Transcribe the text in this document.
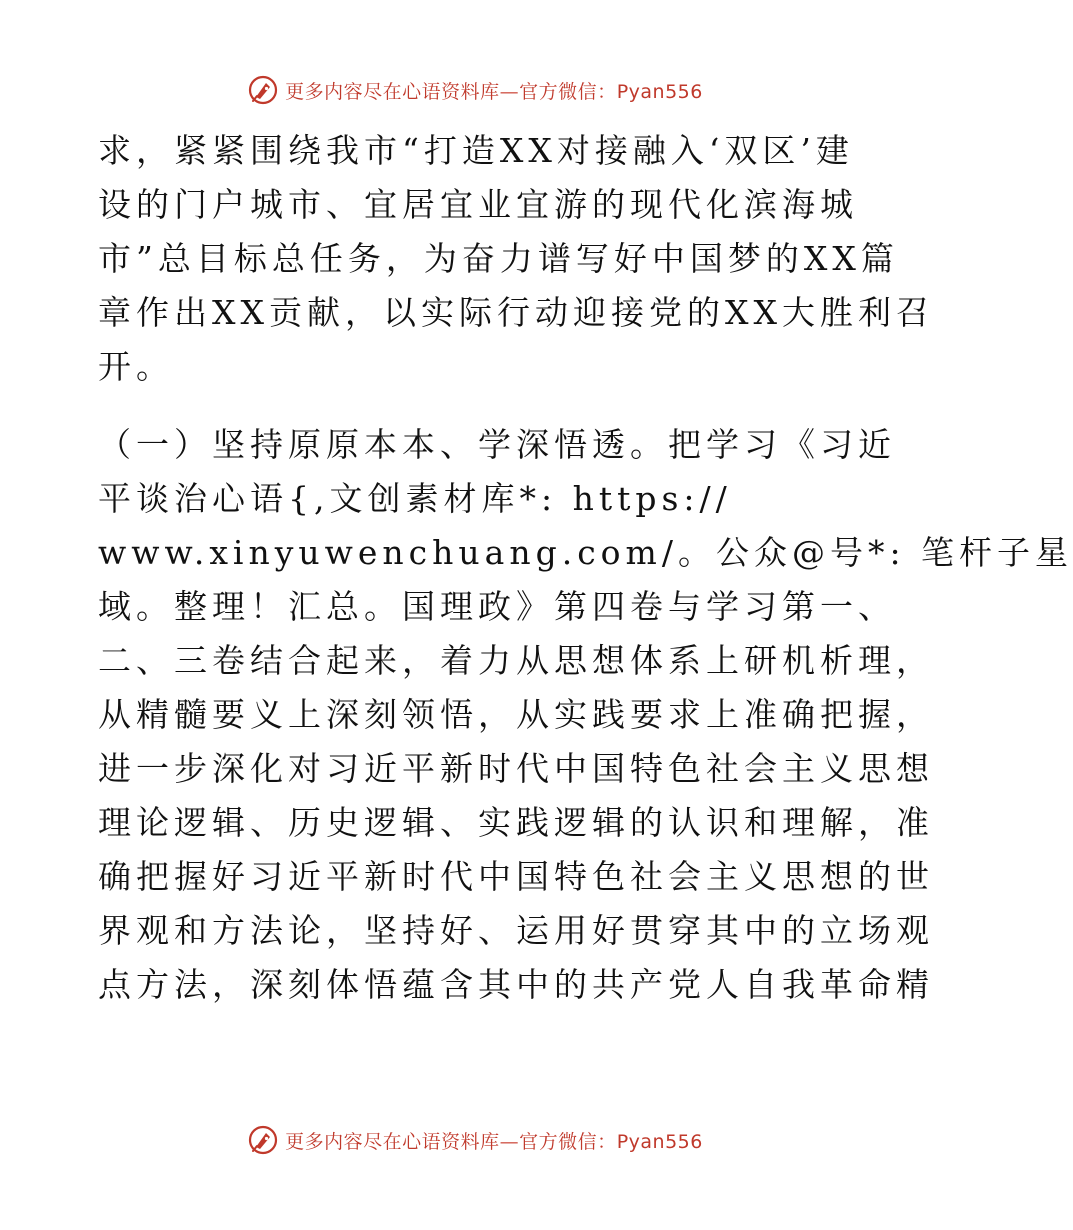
更多内容尽在心语资料库—官方微信：Pyan556
求，紧紧围绕我市“打造XX对接融入‘双区’建
设的门户城市、宜居宜业宜游的现代化滨海城
市”总目标总任务，为奋力谱写好中国梦的XX篇
章作出XX贡献，以实际行动迎接党的XX大胜利召
开。
（一）坚持原原本本、学深悟透。把学习《习近
平谈治心语{,文创素材库*: https://
www.xinyuwenchuang.com/。公众@号*: 笔杆子星
域。整理！汇总。国理政》第四卷与学习第一、
二、三卷结合起来，着力从思想体系上研机析理，
从精髓要义上深刻领悟，从实践要求上准确把握，
进一步深化对习近平新时代中国特色社会主义思想
理论逻辑、历史逻辑、实践逻辑的认识和理解，准
确把握好习近平新时代中国特色社会主义思想的世
界观和方法论，坚持好、运用好贯穿其中的立场观
点方法，深刻体悟蕴含其中的共产党人自我革命精
更多内容尽在心语资料库—官方微信：Pyan556
